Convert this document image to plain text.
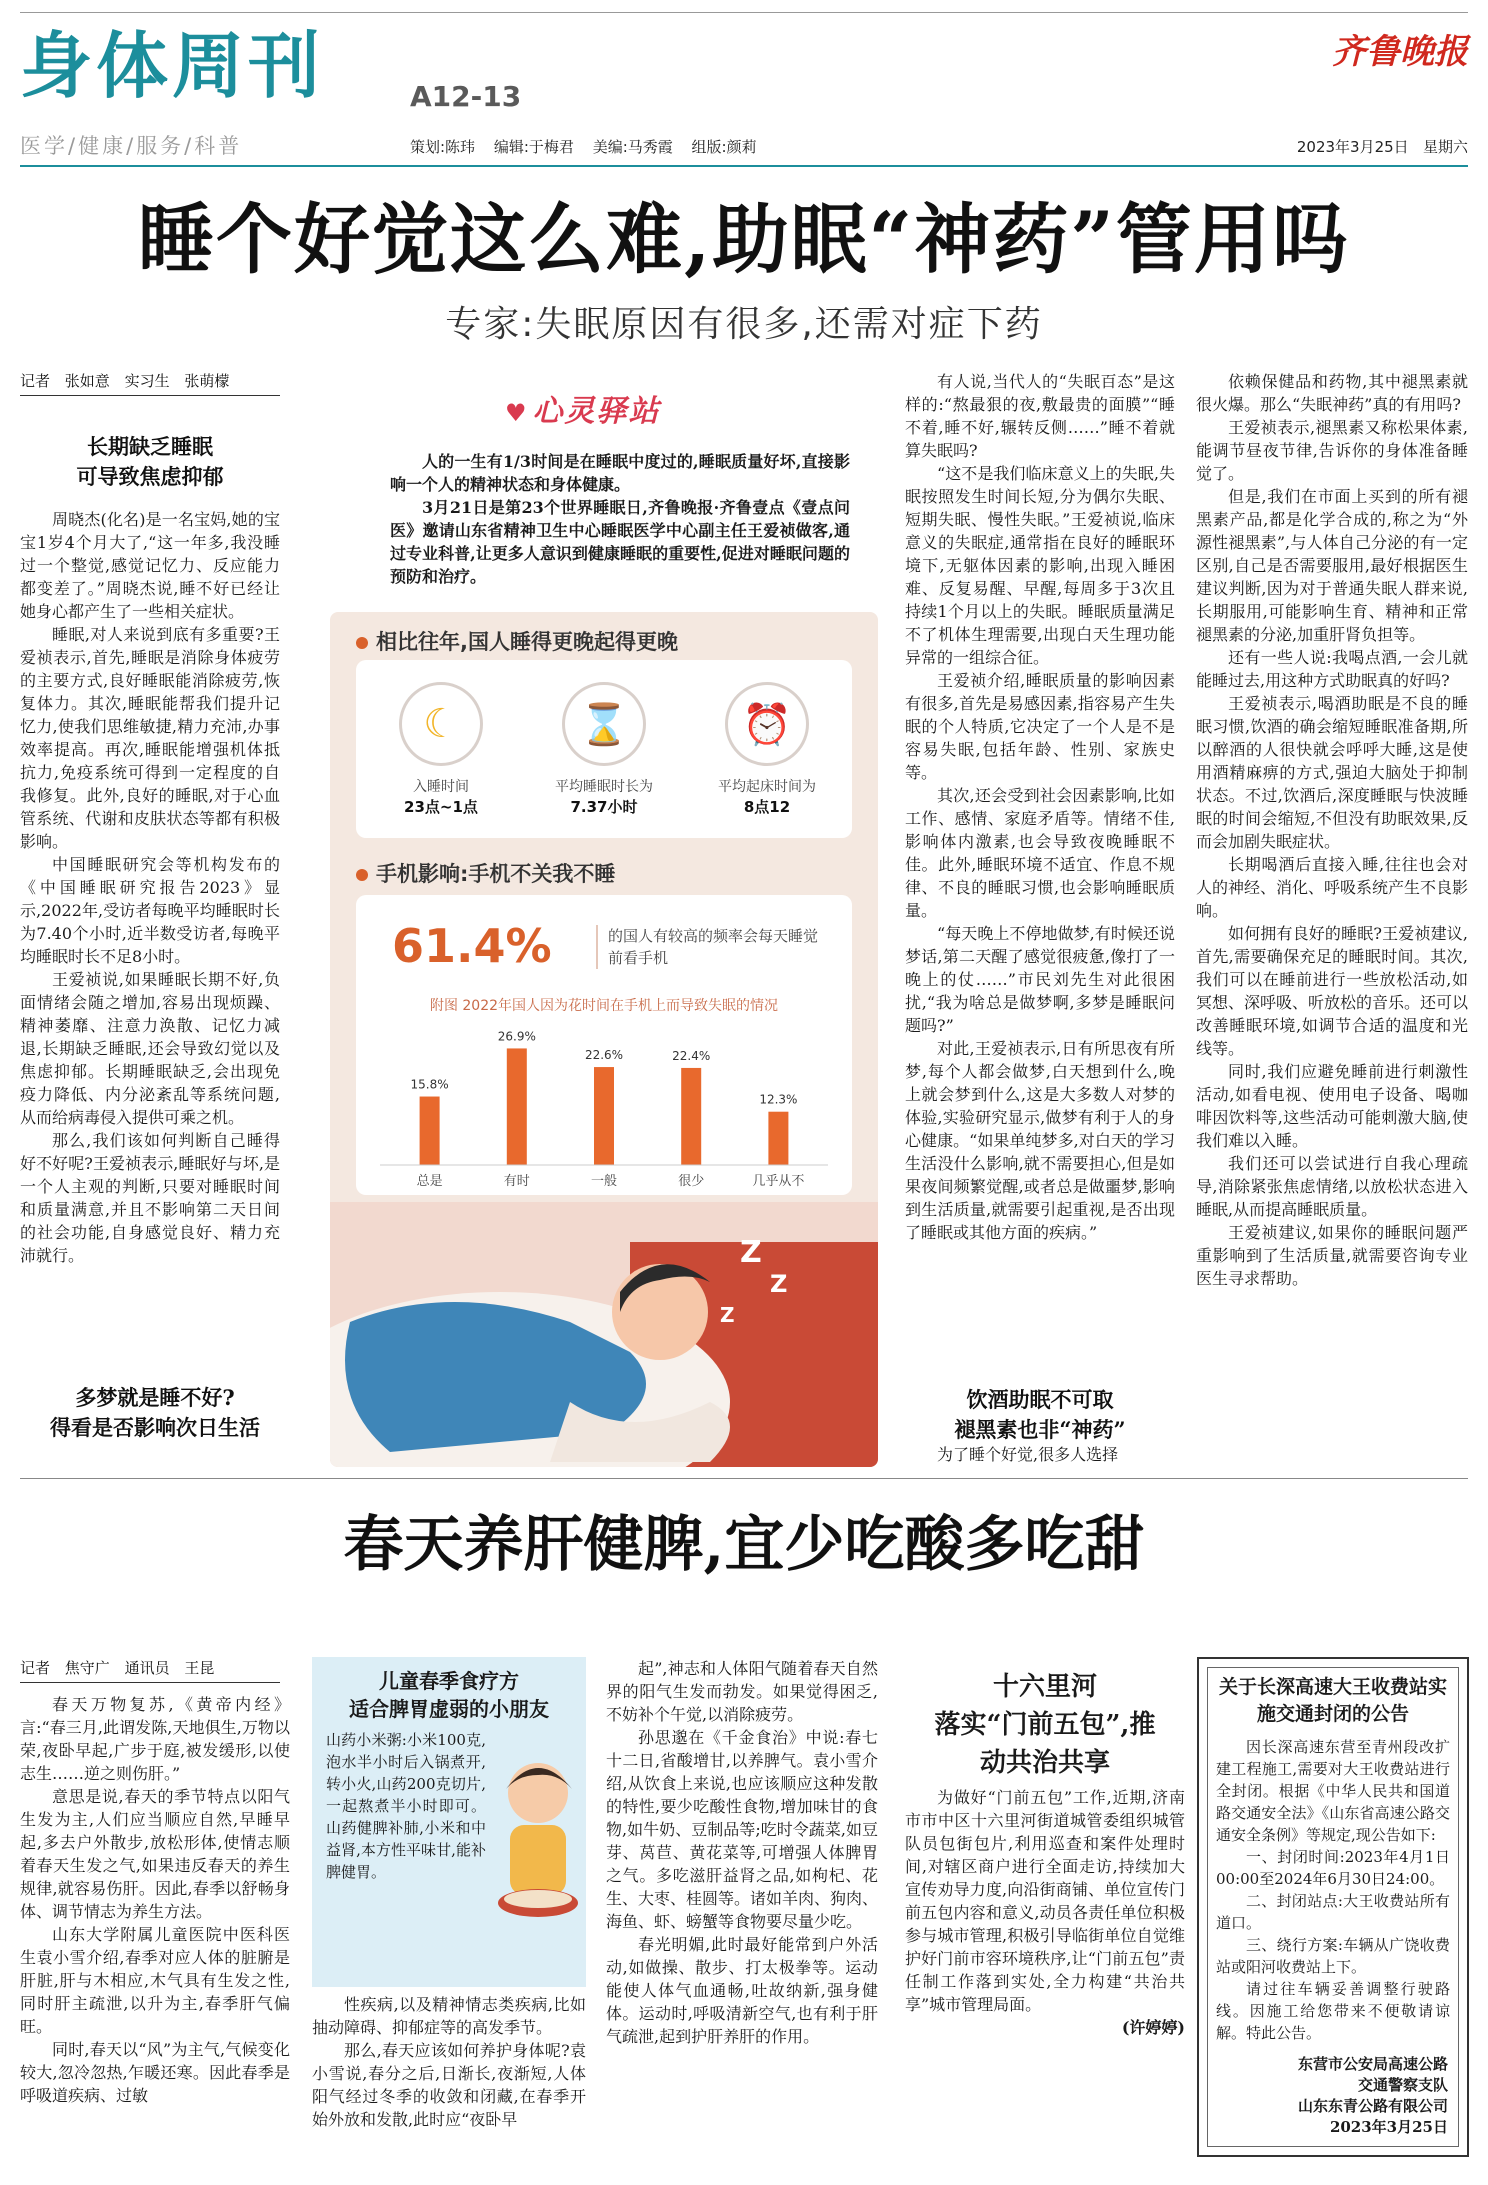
身体周刊	A12-13
齐鲁晚报
医学/健康/服务/科普	策划:陈玮 编辑:于梅君 美编:马秀霞 组版:颜莉	2023年3月25日 星期六
睡个好觉这么难,助眠“神药”管用吗
专家:失眠原因有很多,还需对症下药
记者 张如意 实习生 张萌檬
长期缺乏睡眠
可导致焦虑抑郁

周晓杰(化名)是一名宝妈,她的宝宝1岁4个月大了,“这一年多,我没睡过一个整觉,感觉记忆力、反应能力都变差了。”周晓杰说,睡不好已经让她身心都产生了一些相关症状。

睡眠,对人来说到底有多重要?王爱祯表示,首先,睡眠是消除身体疲劳的主要方式,良好睡眠能消除疲劳,恢复体力。其次,睡眠能帮我们提升记忆力,使我们思维敏捷,精力充沛,办事效率提高。再次,睡眠能增强机体抵抗力,免疫系统可得到一定程度的自我修复。此外,良好的睡眠,对于心血管系统、代谢和皮肤状态等都有积极影响。

中国睡眠研究会等机构发布的《中国睡眠研究报告2023》显示,2022年,受访者每晚平均睡眠时长为7.40个小时,近半数受访者,每晚平均睡眠时长不足8小时。

王爱祯说,如果睡眠长期不好,负面情绪会随之增加,容易出现烦躁、精神萎靡、注意力涣散、记忆力减退,长期缺乏睡眠,还会导致幻觉以及焦虑抑郁。长期睡眠缺乏,会出现免疫力降低、内分泌紊乱等系统问题,从而给病毒侵入提供可乘之机。

那么,我们该如何判断自己睡得好不好呢?王爱祯表示,睡眠好与坏,是一个人主观的判断,只要对睡眠时间和质量满意,并且不影响第二天日间的社会功能,自身感觉良好、精力充沛就行。

多梦就是睡不好?
得看是否影响次日生活
♥ 心灵驿站

人的一生有1/3时间是在睡眠中度过的,睡眠质量好坏,直接影响一个人的精神状态和身体健康。

3月21日是第23个世界睡眠日,齐鲁晚报·齐鲁壹点《壹点问医》邀请山东省精神卫生中心睡眠医学中心副主任王爱祯做客,通过专业科普,让更多人意识到健康睡眠的重要性,促进对睡眠问题的预防和治疗。

相比往年,国人睡得更晚起得更晚
☾
入睡时间
23点~1点
⌛
平均睡眠时长为
7.37小时
⏰
平均起床时间为
8点12
手机影响:手机不关我不睡
61.4%	的国人有较高的频率会每天睡觉前看手机
附图 2022年国人因为花时间在手机上而导致失眠的情况
15.8%
总是
26.9%
有时
22.6%
一般
22.4%
很少
12.3%
几乎从不
Z
Z
Z

有人说,当代人的“失眠百态”是这样的:“熬最狠的夜,敷最贵的面膜”“睡不着,睡不好,辗转反侧……”睡不着就算失眠吗?

“这不是我们临床意义上的失眠,失眠按照发生时间长短,分为偶尔失眠、短期失眠、慢性失眠。”王爱祯说,临床意义的失眠症,通常指在良好的睡眠环境下,无躯体因素的影响,出现入睡困难、反复易醒、早醒,每周多于3次且持续1个月以上的失眠。睡眠质量满足不了机体生理需要,出现白天生理功能异常的一组综合征。

王爱祯介绍,睡眠质量的影响因素有很多,首先是易感因素,指容易产生失眠的个人特质,它决定了一个人是不是容易失眠,包括年龄、性别、家族史等。

其次,还会受到社会因素影响,比如工作、感情、家庭矛盾等。情绪不佳,影响体内激素,也会导致夜晚睡眠不佳。此外,睡眠环境不适宜、作息不规律、不良的睡眠习惯,也会影响睡眠质量。

“每天晚上不停地做梦,有时候还说梦话,第二天醒了感觉很疲惫,像打了一晚上的仗……”市民刘先生对此很困扰,“我为啥总是做梦啊,多梦是睡眠问题吗?”

对此,王爱祯表示,日有所思夜有所梦,每个人都会做梦,白天想到什么,晚上就会梦到什么,这是大多数人对梦的体验,实验研究显示,做梦有利于人的身心健康。“如果单纯梦多,对白天的学习生活没什么影响,就不需要担心,但是如果夜间频繁觉醒,或者总是做噩梦,影响到生活质量,就需要引起重视,是否出现了睡眠或其他方面的疾病。”

饮酒助眠不可取
褪黑素也非“神药”

为了睡个好觉,很多人选择

依赖保健品和药物,其中褪黑素就很火爆。那么“失眠神药”真的有用吗?

王爱祯表示,褪黑素又称松果体素,能调节昼夜节律,告诉你的身体准备睡觉了。

但是,我们在市面上买到的所有褪黑素产品,都是化学合成的,称之为“外源性褪黑素”,与人体自己分泌的有一定区别,自己是否需要服用,最好根据医生建议判断,因为对于普通失眠人群来说,长期服用,可能影响生育、精神和正常褪黑素的分泌,加重肝肾负担等。

还有一些人说:我喝点酒,一会儿就能睡过去,用这种方式助眠真的好吗?

王爱祯表示,喝酒助眠是不良的睡眠习惯,饮酒的确会缩短睡眠准备期,所以醉酒的人很快就会呼呼大睡,这是使用酒精麻痹的方式,强迫大脑处于抑制状态。不过,饮酒后,深度睡眠与快波睡眠的时间会缩短,不但没有助眠效果,反而会加剧失眠症状。

长期喝酒后直接入睡,往往也会对人的神经、消化、呼吸系统产生不良影响。

如何拥有良好的睡眠?王爱祯建议,首先,需要确保充足的睡眠时间。其次,我们可以在睡前进行一些放松活动,如冥想、深呼吸、听放松的音乐。还可以改善睡眠环境,如调节合适的温度和光线等。

同时,我们应避免睡前进行刺激性活动,如看电视、使用电子设备、喝咖啡因饮料等,这些活动可能刺激大脑,使我们难以入睡。

我们还可以尝试进行自我心理疏导,消除紧张焦虑情绪,以放松状态进入睡眠,从而提高睡眠质量。

王爱祯建议,如果你的睡眠问题严重影响到了生活质量,就需要咨询专业医生寻求帮助。

春天养肝健脾,宜少吃酸多吃甜
记者 焦守广 通讯员 王昆

春天万物复苏,《黄帝内经》言:“春三月,此谓发陈,天地俱生,万物以荣,夜卧早起,广步于庭,被发缓形,以使志生……逆之则伤肝。”

意思是说,春天的季节特点以阳气生发为主,人们应当顺应自然,早睡早起,多去户外散步,放松形体,使情志顺着春天生发之气,如果违反春天的养生规律,就容易伤肝。因此,春季以舒畅身体、调节情志为养生方法。

山东大学附属儿童医院中医科医生袁小雪介绍,春季对应人体的脏腑是肝脏,肝与木相应,木气具有生发之性,同时肝主疏泄,以升为主,春季肝气偏旺。

同时,春天以“风”为主气,气候变化较大,忽冷忽热,乍暖还寒。因此春季是呼吸道疾病、过敏

儿童春季食疗方
适合脾胃虚弱的小朋友
山药小米粥:小米100克,泡水半小时后入锅煮开,转小火,山药200克切片,一起熬煮半小时即可。山药健脾补肺,小米和中益肾,本方性平味甘,能补脾健胃。

性疾病,以及精神情志类疾病,比如抽动障碍、抑郁症等的高发季节。

那么,春天应该如何养护身体呢?袁小雪说,春分之后,日渐长,夜渐短,人体阳气经过冬季的收敛和闭藏,在春季开始外放和发散,此时应“夜卧早

起”,神志和人体阳气随着春天自然界的阳气生发而勃发。如果觉得困乏,不妨补个午觉,以消除疲劳。

孙思邈在《千金食治》中说:春七十二日,省酸增甘,以养脾气。袁小雪介绍,从饮食上来说,也应该顺应这种发散的特性,要少吃酸性食物,增加味甘的食物,如牛奶、豆制品等;吃时令蔬菜,如豆芽、莴苣、黄花菜等,可增强人体脾胃之气。多吃滋肝益肾之品,如枸杞、花生、大枣、桂圆等。诸如羊肉、狗肉、海鱼、虾、螃蟹等食物要尽量少吃。

春光明媚,此时最好能常到户外活动,如做操、散步、打太极拳等。运动能使人体气血通畅,吐故纳新,强身健体。运动时,呼吸清新空气,也有利于肝气疏泄,起到护肝养肝的作用。

十六里河
落实“门前五包”,推
动共治共享

为做好“门前五包”工作,近期,济南市市中区十六里河街道城管委组织城管队员包街包片,利用巡查和案件处理时间,对辖区商户进行全面走访,持续加大宣传劝导力度,向沿街商铺、单位宣传门前五包内容和意义,动员各责任单位积极参与城市管理,积极引导临街单位自觉维护好门前市容环境秩序,让“门前五包”责任制工作落到实处,全力构建“共治共享”城市管理局面。

(许婷婷)
关于长深高速大王收费站实施交通封闭的公告

因长深高速东营至青州段改扩建工程施工,需要对大王收费站进行全封闭。根据《中华人民共和国道路交通安全法》《山东省高速公路交通安全条例》等规定,现公告如下:

一、封闭时间:2023年4月1日00:00至2024年6月30日24:00。

二、封闭站点:大王收费站所有道口。

三、绕行方案:车辆从广饶收费站或阳河收费站上下。

请过往车辆妥善调整行驶路线。因施工给您带来不便敬请谅解。特此公告。

东营市公安局高速公路
交通警察支队
山东东青公路有限公司
2023年3月25日
